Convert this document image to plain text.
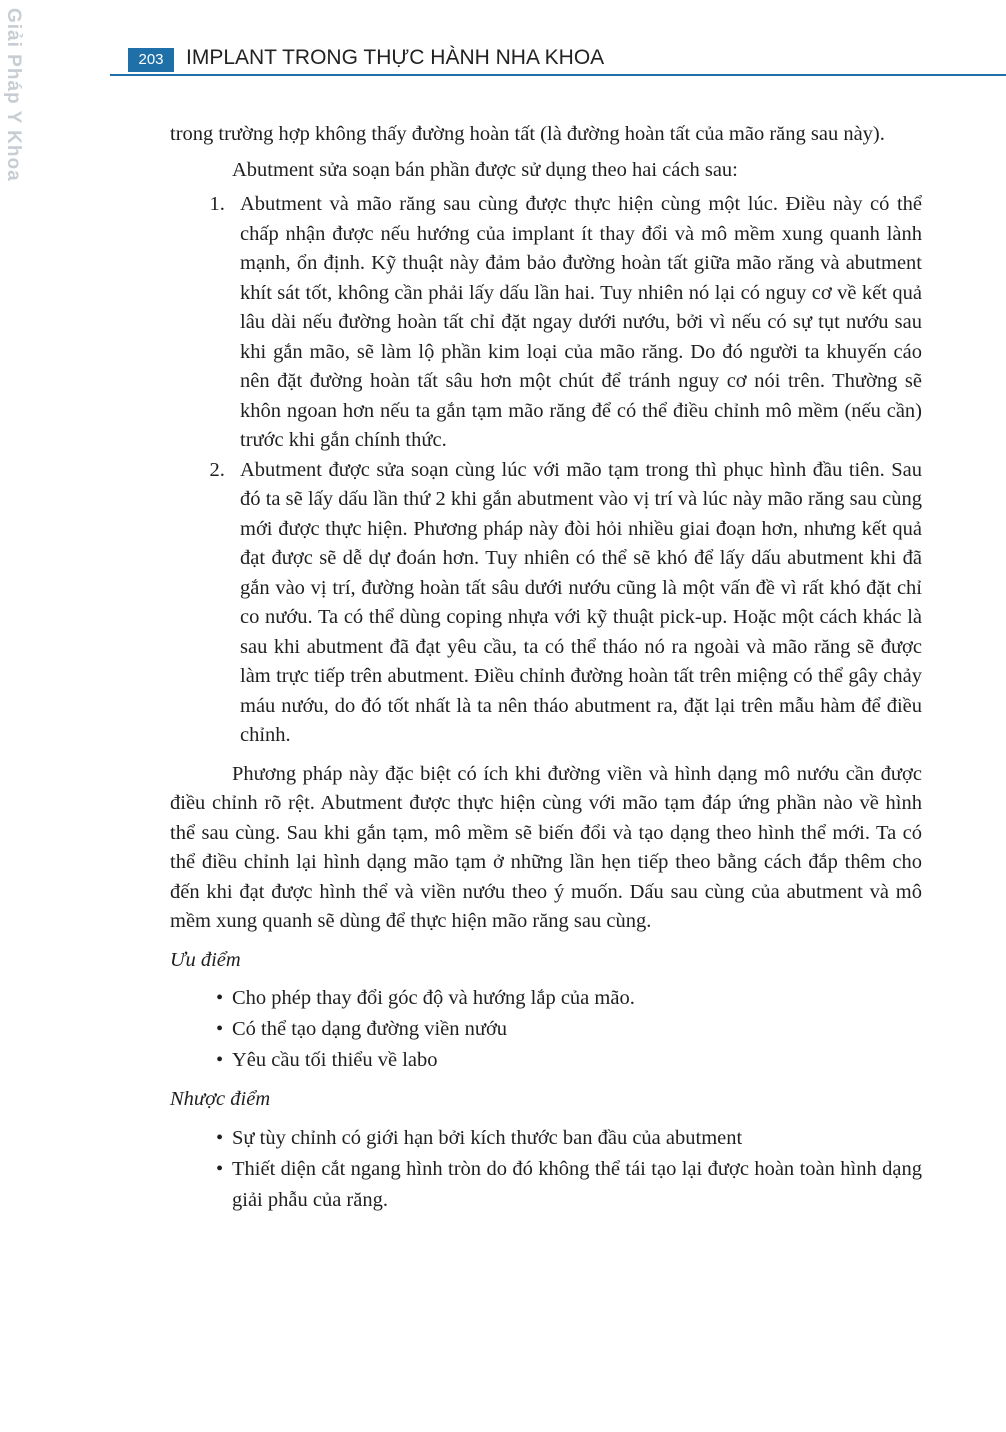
Giải Pháp Y Khoa	203	IMPLANT TRONG THỰC HÀNH NHA KHOA

trong trường hợp không thấy đường hoàn tất (là đường hoàn tất của mão răng sau này).

Abutment sửa soạn bán phần được sử dụng theo hai cách sau:

1. Abutment và mão răng sau cùng được thực hiện cùng một lúc. Điều này có thể chấp nhận được nếu hướng của implant ít thay đổi và mô mềm xung quanh lành mạnh, ổn định. Kỹ thuật này đảm bảo đường hoàn tất giữa mão răng và abutment khít sát tốt, không cần phải lấy dấu lần hai. Tuy nhiên nó lại có nguy cơ về kết quả lâu dài nếu đường hoàn tất chỉ đặt ngay dưới nướu, bởi vì nếu có sự tụt nướu sau khi gắn mão, sẽ làm lộ phần kim loại của mão răng. Do đó người ta khuyến cáo nên đặt đường hoàn tất sâu hơn một chút để tránh nguy cơ nói trên. Thường sẽ khôn ngoan hơn nếu ta gắn tạm mão răng để có thể điều chỉnh mô mềm (nếu cần) trước khi gắn chính thức.
2. Abutment được sửa soạn cùng lúc với mão tạm trong thì phục hình đầu tiên. Sau đó ta sẽ lấy dấu lần thứ 2 khi gắn abutment vào vị trí và lúc này mão răng sau cùng mới được thực hiện. Phương pháp này đòi hỏi nhiều giai đoạn hơn, nhưng kết quả đạt được sẽ dễ dự đoán hơn. Tuy nhiên có thể sẽ khó để lấy dấu abutment khi đã gắn vào vị trí, đường hoàn tất sâu dưới nướu cũng là một vấn đề vì rất khó đặt chỉ co nướu. Ta có thể dùng coping nhựa với kỹ thuật pick-up. Hoặc một cách khác là sau khi abutment đã đạt yêu cầu, ta có thể tháo nó ra ngoài và mão răng sẽ được làm trực tiếp trên abutment. Điều chỉnh đường hoàn tất trên miệng có thể gây chảy máu nướu, do đó tốt nhất là ta nên tháo abutment ra, đặt lại trên mẫu hàm để điều chỉnh.

Phương pháp này đặc biệt có ích khi đường viền và hình dạng mô nướu cần được điều chỉnh rõ rệt. Abutment được thực hiện cùng với mão tạm đáp ứng phần nào về hình thể sau cùng. Sau khi gắn tạm, mô mềm sẽ biến đổi và tạo dạng theo hình thể mới. Ta có thể điều chỉnh lại hình dạng mão tạm ở những lần hẹn tiếp theo bằng cách đắp thêm cho đến khi đạt được hình thể và viền nướu theo ý muốn. Dấu sau cùng của abutment và mô mềm xung quanh sẽ dùng để thực hiện mão răng sau cùng.

Ưu điểm

• Cho phép thay đổi góc độ và hướng lắp của mão.
• Có thể tạo dạng đường viền nướu
• Yêu cầu tối thiểu về labo

Nhược điểm

• Sự tùy chỉnh có giới hạn bởi kích thước ban đầu của abutment
• Thiết diện cắt ngang hình tròn do đó không thể tái tạo lại được hoàn toàn hình dạng giải phẫu của răng.
